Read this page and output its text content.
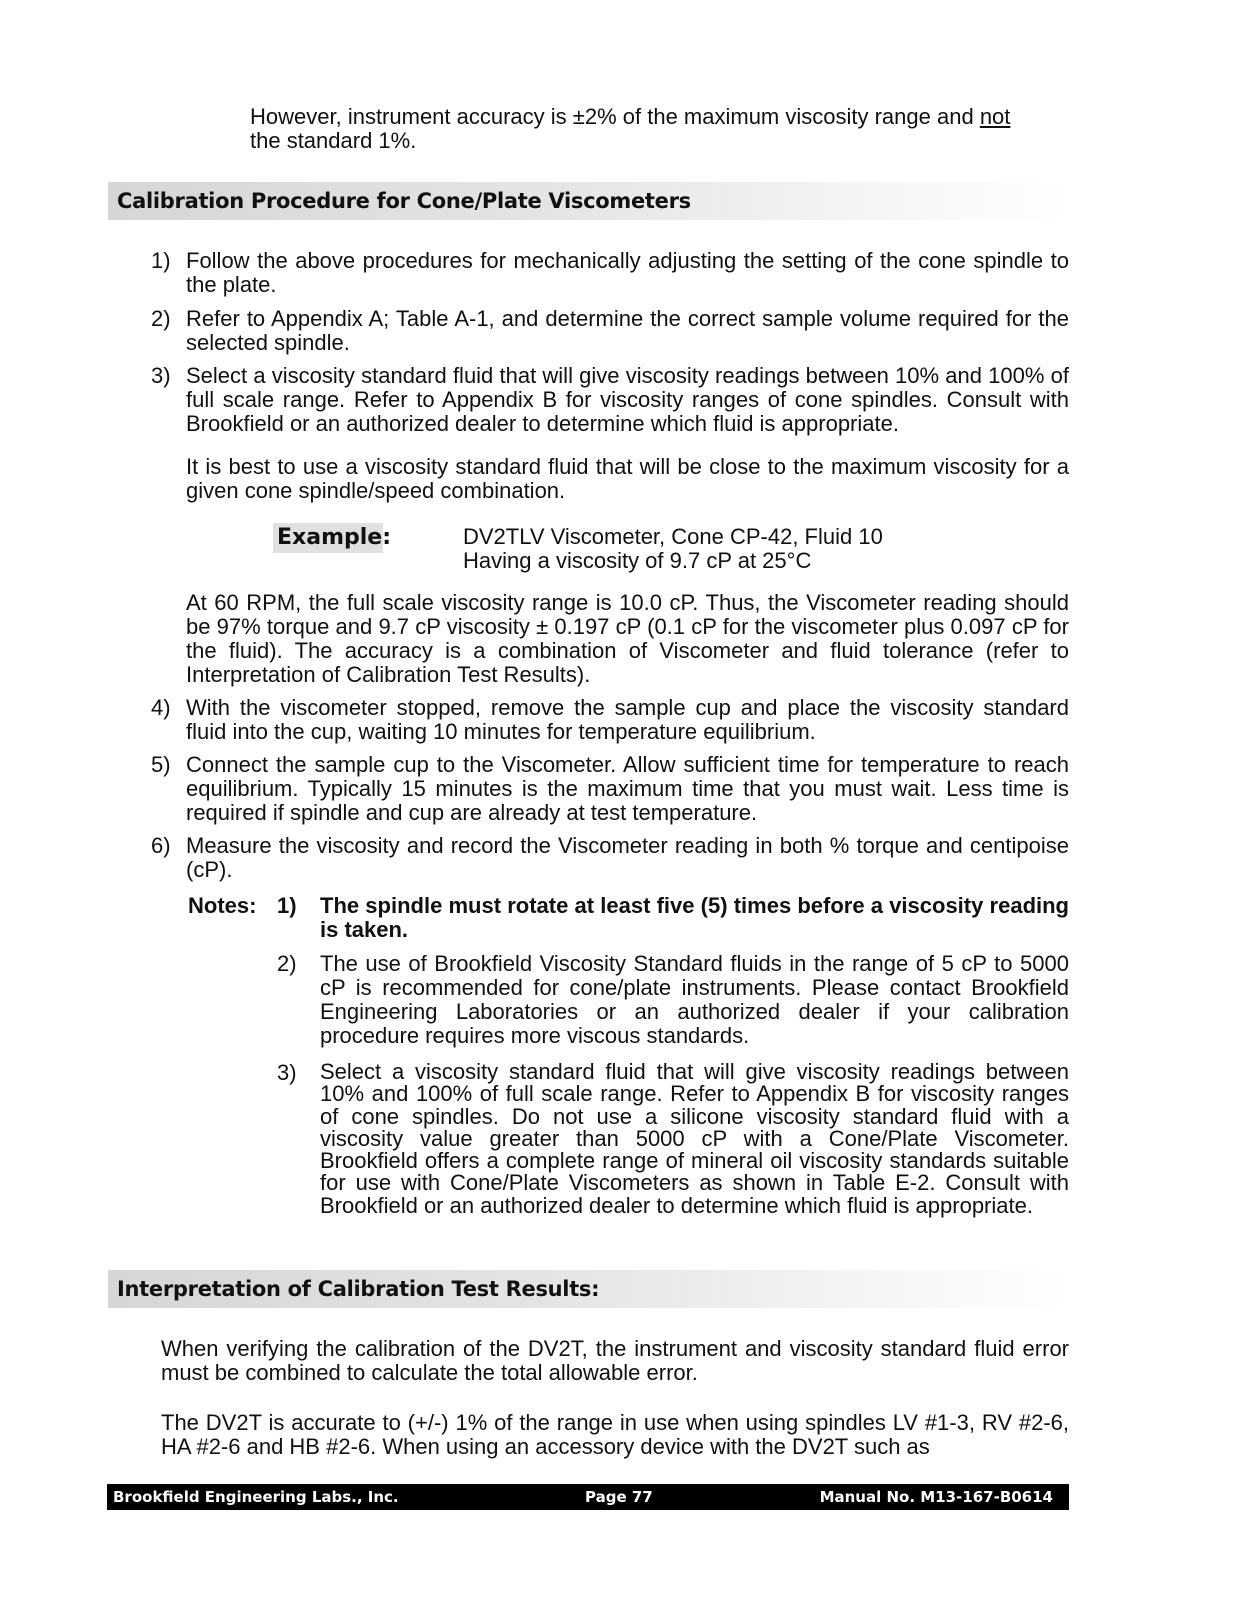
However, instrument accuracy is ±2% of the maximum viscosity range and not
the standard 1%.
Calibration Procedure for Cone/Plate Viscometers
1) Follow the above procedures for mechanically adjusting the setting of the cone spindle to the plate.
2) Refer to Appendix A; Table A-1, and determine the correct sample volume required for the selected spindle.
3) Select a viscosity standard fluid that will give viscosity readings between 10% and 100% of full scale range. Refer to Appendix B for viscosity ranges of cone spindles. Consult with Brookfield or an authorized dealer to determine which fluid is appropriate.
It is best to use a viscosity standard fluid that will be close to the maximum viscosity for a given cone spindle/speed combination.
Example:	DV2TLV Viscometer, Cone CP-42, Fluid 10
Having a viscosity of 9.7 cP at 25°C
At 60 RPM, the full scale viscosity range is 10.0 cP. Thus, the Viscometer reading should be 97% torque and 9.7 cP viscosity ± 0.197 cP (0.1 cP for the viscometer plus 0.097 cP for the fluid). The accuracy is a combination of Viscometer and fluid tolerance (refer to Interpretation of Calibration Test Results).
4) With the viscometer stopped, remove the sample cup and place the viscosity standard fluid into the cup, waiting 10 minutes for temperature equilibrium.
5) Connect the sample cup to the Viscometer. Allow sufficient time for temperature to reach equilibrium. Typically 15 minutes is the maximum time that you must wait. Less time is required if spindle and cup are already at test temperature.
6) Measure the viscosity and record the Viscometer reading in both % torque and centipoise (cP).
Notes: 1)	The spindle must rotate at least five (5) times before a viscosity reading is taken.
2)	The use of Brookfield Viscosity Standard fluids in the range of 5 cP to 5000 cP is recommended for cone/plate instruments. Please contact Brookfield Engineering Laboratories or an authorized dealer if your calibration procedure requires more viscous standards.
3)	Select a viscosity standard fluid that will give viscosity readings between 10% and 100% of full scale range. Refer to Appendix B for viscosity ranges of cone spindles. Do not use a silicone viscosity standard fluid with a viscosity value greater than 5000 cP with a Cone/Plate Viscometer. Brookfield offers a complete range of mineral oil viscosity standards suitable for use with Cone/Plate Viscometers as shown in Table E-2. Consult with Brookfield or an authorized dealer to determine which fluid is appropriate.
Interpretation of Calibration Test Results:
When verifying the calibration of the DV2T, the instrument and viscosity standard fluid error must be combined to calculate the total allowable error.
The DV2T is accurate to (+/-) 1% of the range in use when using spindles LV #1-3, RV #2-6, HA #2-6 and HB #2-6. When using an accessory device with the DV2T such as
Brookfield Engineering Labs., Inc.	Page 77	Manual No. M13-167-B0614
